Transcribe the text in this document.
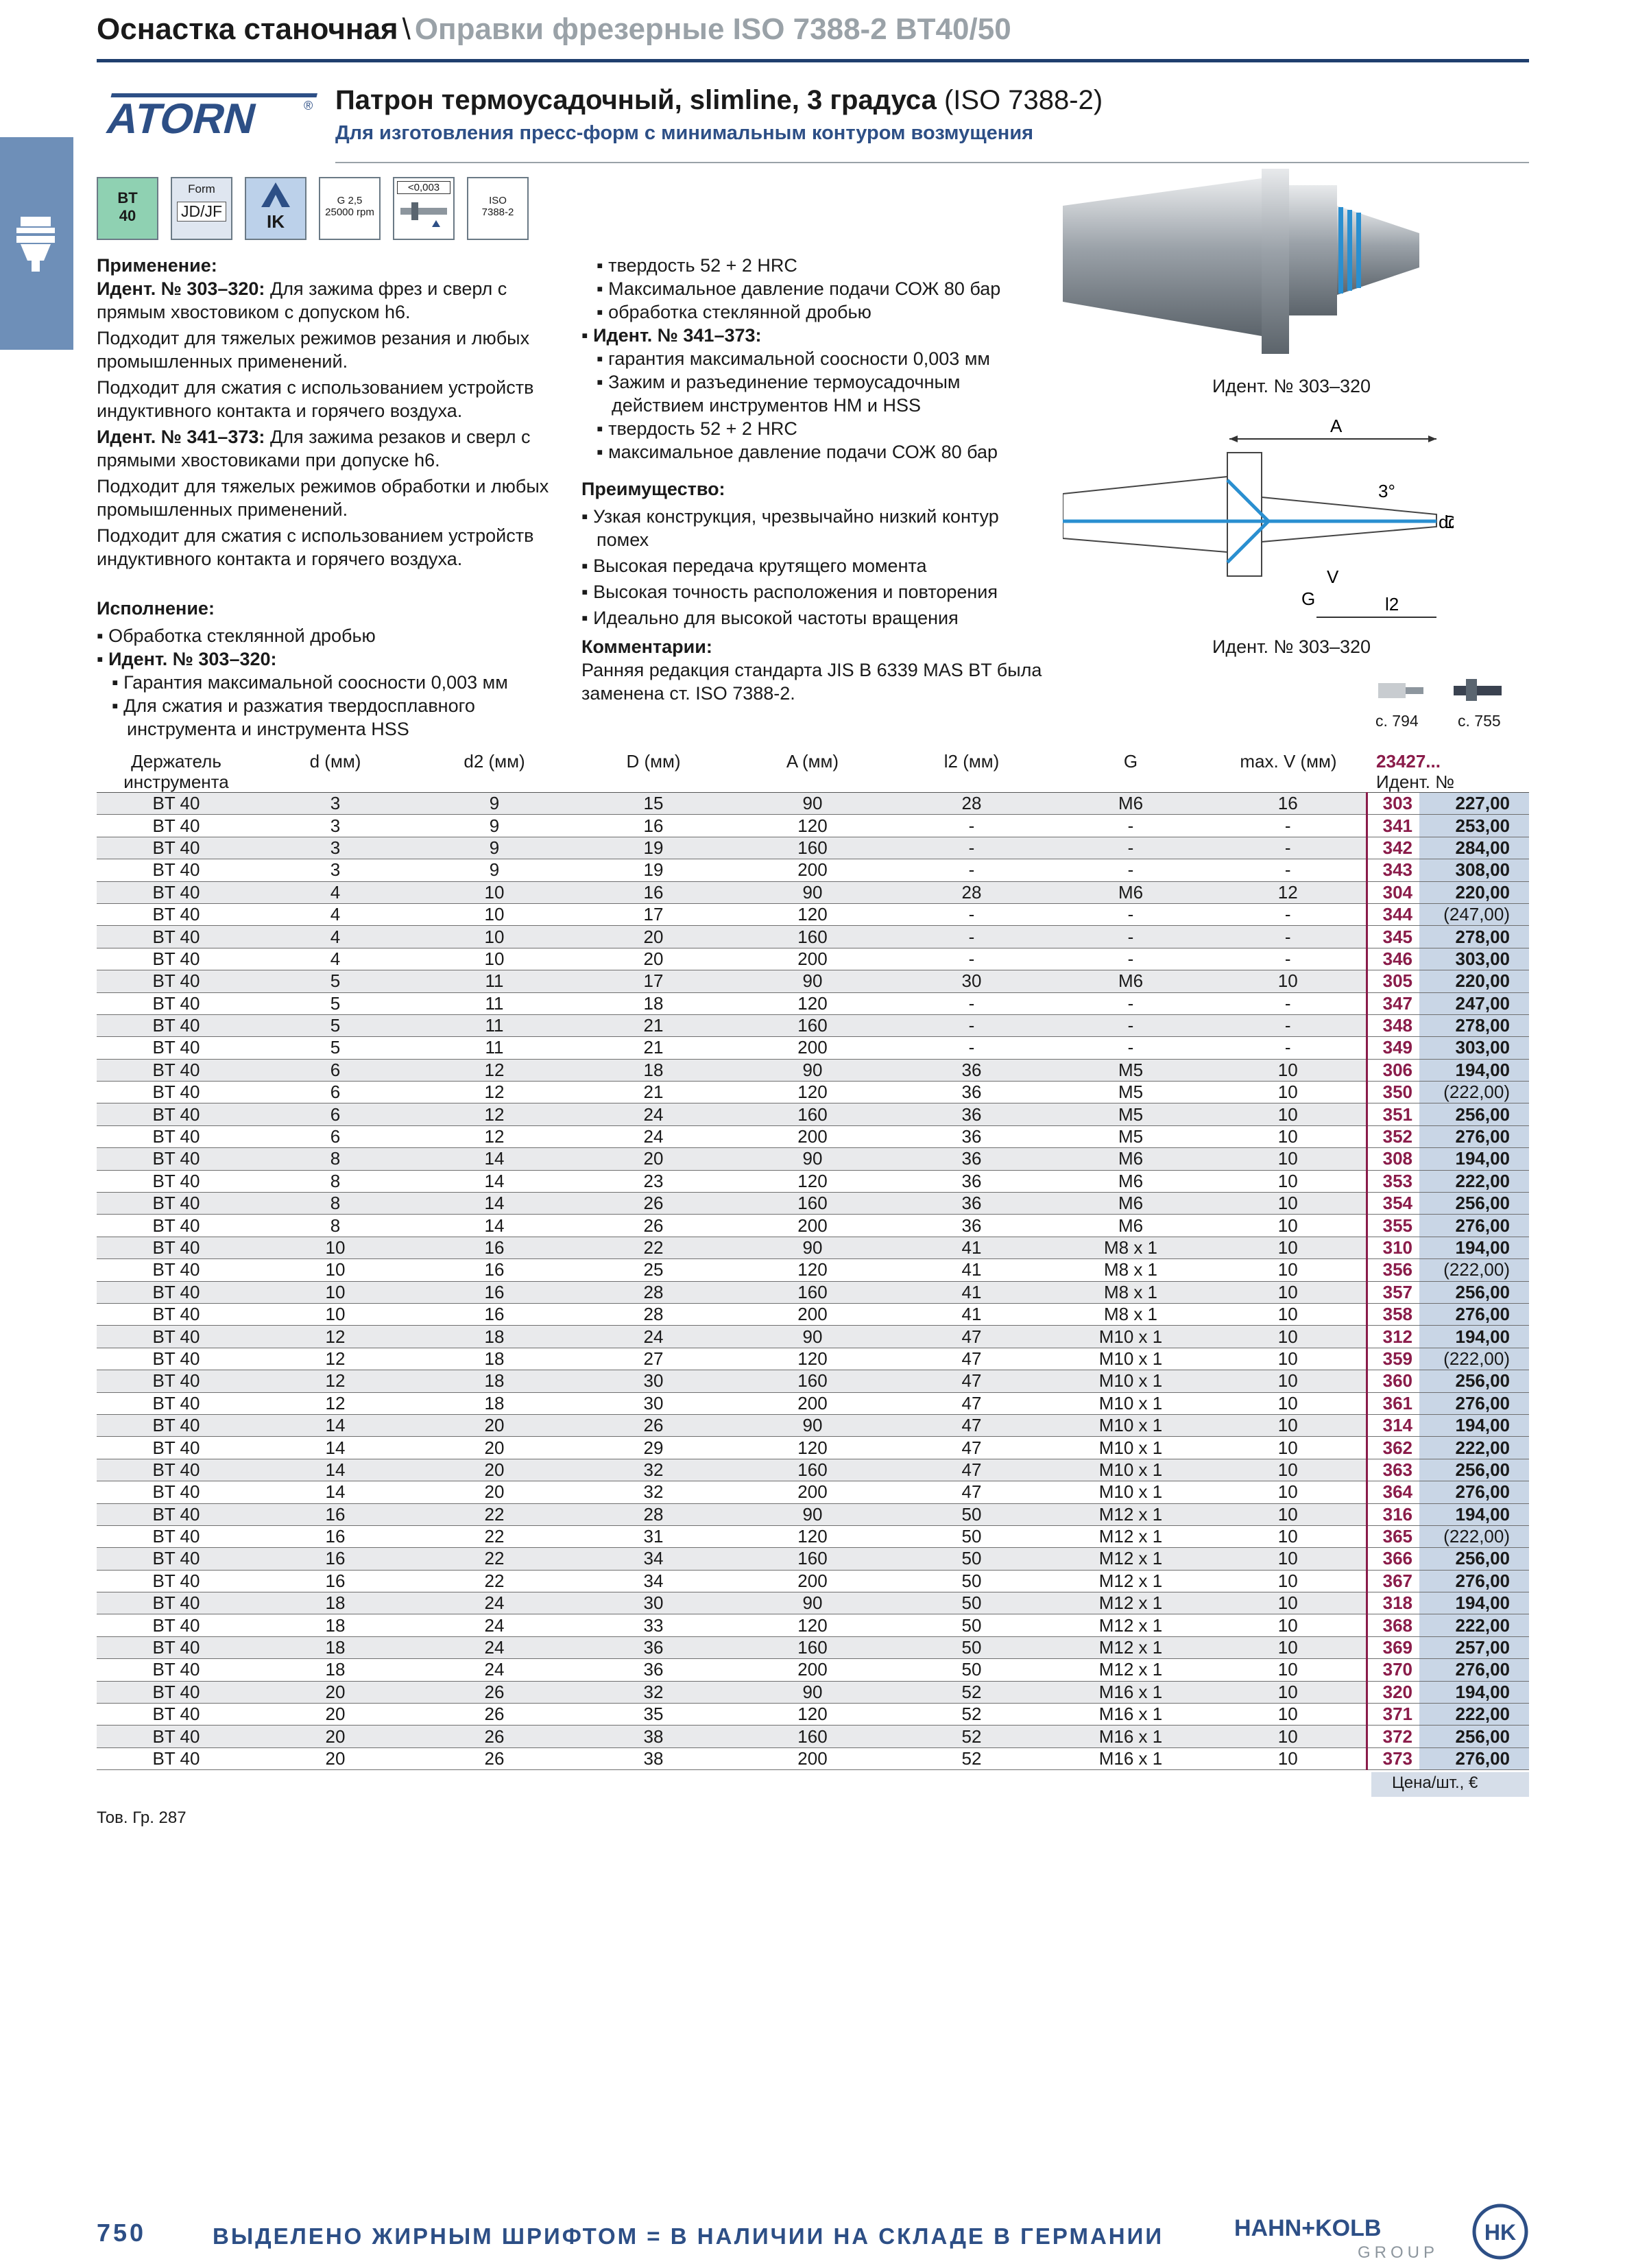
Оснастка станочная \ Оправки фрезерные ISO 7388-2 BT40/50
ATORN	® Патрон термоусадочный, slimline, 3 градуса (ISO 7388-2)
Для изготовления пресс-форм с минимальным контуром возмущения
BT
40
Form
JD/JF	IK
G 2,5
25000 rpm
<0,003
ISO
7388-2

Применение:

Идент. № 303–320: Для зажима фрез и сверл с прямым хвостовиком с допуском h6.

Подходит для тяжелых режимов резания и любых промышленных применений.

Подходит для сжатия с использованием устройств индуктивного контакта и горячего воздуха.

Идент. № 341–373: Для зажима резаков и сверл с прямыми хвостовиками при допуске h6.

Подходит для тяжелых режимов обработки и любых промышленных применений.

Подходит для сжатия с использованием устройств индуктивного контакта и горячего воздуха.

Исполнение:

▪ Обработка стеклянной дробью

▪ Идент. № 303–320:

▪ Гарантия максимальной соосности 0,003 мм

▪ Для сжатия и разжатия твердосплавного инструмента и инструмента HSS

▪ твердость 52 + 2 HRC

▪ Максимальное давление подачи СОЖ 80 бар

▪ обработка стеклянной дробью

▪ Идент. № 341–373:

▪ гарантия максимальной соосности 0,003 мм

▪ Зажим и разъединение термоусадочным действием инструментов HM и HSS

▪ твердость 52 + 2 HRC

▪ максимальное давление подачи СОЖ 80 бар

Преимущество:

▪ Узкая конструкция, чрезвычайно низкий контур помех

▪ Высокая передача крутящего момента

▪ Высокая точность расположения и повторения

▪ Идеально для высокой частоты вращения

Комментарии:

Ранняя редакция стандарта JIS B 6339 MAS BT была заменена ст. ISO 7388-2.

Идент. № 303–320
A
3°
D
d d
G
V
l2
Идент. № 303–320
с. 794 с. 755
Держатель инструмента	d (мм)	d2 (мм)	D (мм)	A (мм)	l2 (мм)	G	max. V (мм)	23427...
Идент. №	

BT 40	3	9	15	90	28	M6	16	303	227,00
BT 40	3	9	16	120	-	-	-	341	253,00
BT 40	3	9	19	160	-	-	-	342	284,00
BT 40	3	9	19	200	-	-	-	343	308,00
BT 40	4	10	16	90	28	M6	12	304	220,00
BT 40	4	10	17	120	-	-	-	344	(247,00)
BT 40	4	10	20	160	-	-	-	345	278,00
BT 40	4	10	20	200	-	-	-	346	303,00
BT 40	5	11	17	90	30	M6	10	305	220,00
BT 40	5	11	18	120	-	-	-	347	247,00
BT 40	5	11	21	160	-	-	-	348	278,00
BT 40	5	11	21	200	-	-	-	349	303,00
BT 40	6	12	18	90	36	M5	10	306	194,00
BT 40	6	12	21	120	36	M5	10	350	(222,00)
BT 40	6	12	24	160	36	M5	10	351	256,00
BT 40	6	12	24	200	36	M5	10	352	276,00
BT 40	8	14	20	90	36	M6	10	308	194,00
BT 40	8	14	23	120	36	M6	10	353	222,00
BT 40	8	14	26	160	36	M6	10	354	256,00
BT 40	8	14	26	200	36	M6	10	355	276,00
BT 40	10	16	22	90	41	M8 x 1	10	310	194,00
BT 40	10	16	25	120	41	M8 x 1	10	356	(222,00)
BT 40	10	16	28	160	41	M8 x 1	10	357	256,00
BT 40	10	16	28	200	41	M8 x 1	10	358	276,00
BT 40	12	18	24	90	47	M10 x 1	10	312	194,00
BT 40	12	18	27	120	47	M10 x 1	10	359	(222,00)
BT 40	12	18	30	160	47	M10 x 1	10	360	256,00
BT 40	12	18	30	200	47	M10 x 1	10	361	276,00
BT 40	14	20	26	90	47	M10 x 1	10	314	194,00
BT 40	14	20	29	120	47	M10 x 1	10	362	222,00
BT 40	14	20	32	160	47	M10 x 1	10	363	256,00
BT 40	14	20	32	200	47	M10 x 1	10	364	276,00
BT 40	16	22	28	90	50	M12 x 1	10	316	194,00
BT 40	16	22	31	120	50	M12 x 1	10	365	(222,00)
BT 40	16	22	34	160	50	M12 x 1	10	366	256,00
BT 40	16	22	34	200	50	M12 x 1	10	367	276,00
BT 40	18	24	30	90	50	M12 x 1	10	318	194,00
BT 40	18	24	33	120	50	M12 x 1	10	368	222,00
BT 40	18	24	36	160	50	M12 x 1	10	369	257,00
BT 40	18	24	36	200	50	M12 x 1	10	370	276,00
BT 40	20	26	32	90	52	M16 x 1	10	320	194,00
BT 40	20	26	35	120	52	M16 x 1	10	371	222,00
BT 40	20	26	38	160	52	M16 x 1	10	372	256,00
BT 40	20	26	38	200	52	M16 x 1	10	373	276,00
Цена/шт., €
Тов. Гр. 287
750	ВЫДЕЛЕНО ЖИРНЫМ ШРИФТОМ = В НАЛИЧИИ НА СКЛАДЕ В ГЕРМАНИИ	HAHN+KOLB
GROUP
HK
